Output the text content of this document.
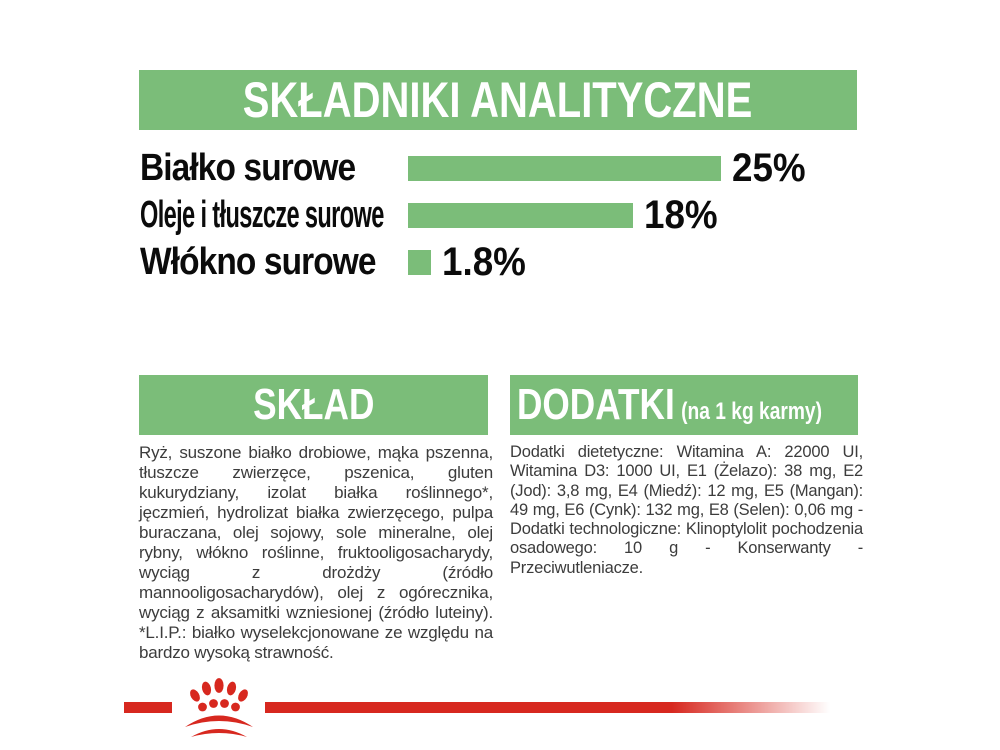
SKŁADNIKI ANALITYCZNE
Białko surowe	25%
Oleje i tłuszcze surowe	18%
Włókno surowe 1.8%
SKŁAD
Ryż, suszone białko drobiowe, mąka pszenna, tłuszcze zwierzęce, pszenica, gluten kukurydziany, izolat białka roślinnego*, jęczmień, hydrolizat białka zwierzęcego, pulpa buraczana, olej sojowy, sole mineralne, olej rybny, włókno roślinne, fruktooligosacharydy, wyciąg z drożdży (źródło mannooligosacharydów), olej z ogórecznika, wyciąg z aksamitki wzniesionej (źródło luteiny). *L.I.P.: białko wyselekcjonowane ze względu na bardzo wysoką strawność.
DODATKI (na 1 kg karmy)
Dodatki dietetyczne: Witamina A: 22000 UI, Witamina D3: 1000 UI, E1 (Żelazo): 38 mg, E2 (Jod): 3,8 mg, E4 (Miedź): 12 mg, E5 (Mangan): 49 mg, E6 (Cynk): 132 mg, E8 (Selen): 0,06 mg - Dodatki technologiczne: Klinoptylolit pochodzenia osadowego: 10 g - Konserwanty - Przeciwutleniacze.
